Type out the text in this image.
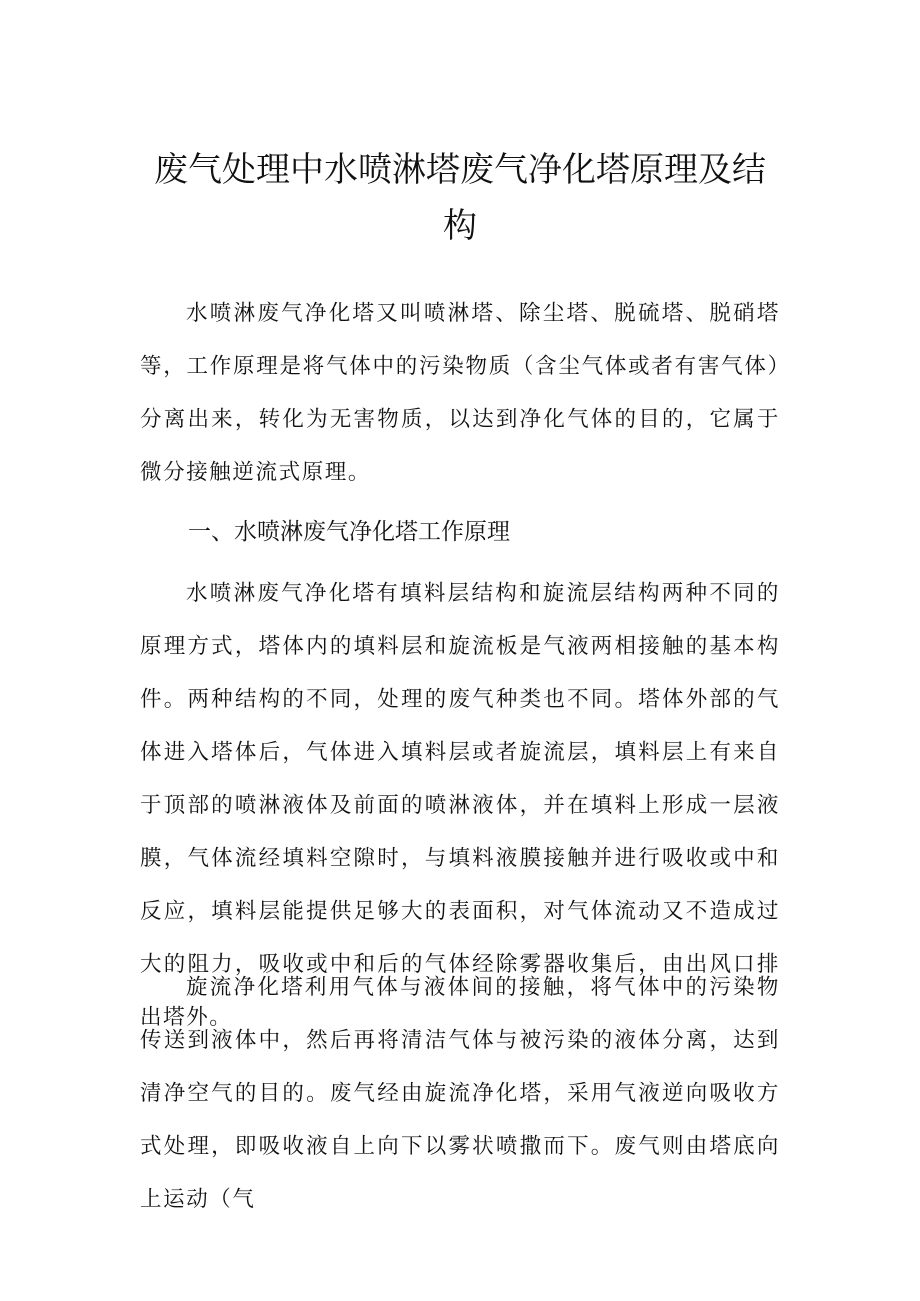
废气处理中水喷淋塔废气净化塔原理及结构

水喷淋废气净化塔又叫喷淋塔、除尘塔、脱硫塔、脱硝塔等，工作原理是将气体中的污染物质（含尘气体或者有害气体）分离出来，转化为无害物质，以达到净化气体的目的，它属于微分接触逆流式原理。

一、水喷淋废气净化塔工作原理

水喷淋废气净化塔有填料层结构和旋流层结构两种不同的原理方式，塔体内的填料层和旋流板是气液两相接触的基本构件。两种结构的不同，处理的废气种类也不同。塔体外部的气体进入塔体后，气体进入填料层或者旋流层，填料层上有来自于顶部的喷淋液体及前面的喷淋液体，并在填料上形成一层液膜，气体流经填料空隙时，与填料液膜接触并进行吸收或中和反应，填料层能提供足够大的表面积，对气体流动又不造成过大的阻力，吸收或中和后的气体经除雾器收集后，由出风口排出塔外。

旋流净化塔利用气体与液体间的接触，将气体中的污染物传送到液体中，然后再将清洁气体与被污染的液体分离，达到清净空气的目的。废气经由旋流净化塔，采用气液逆向吸收方式处理，即吸收液自上向下以雾状喷撒而下。废气则由塔底向上运动（气
